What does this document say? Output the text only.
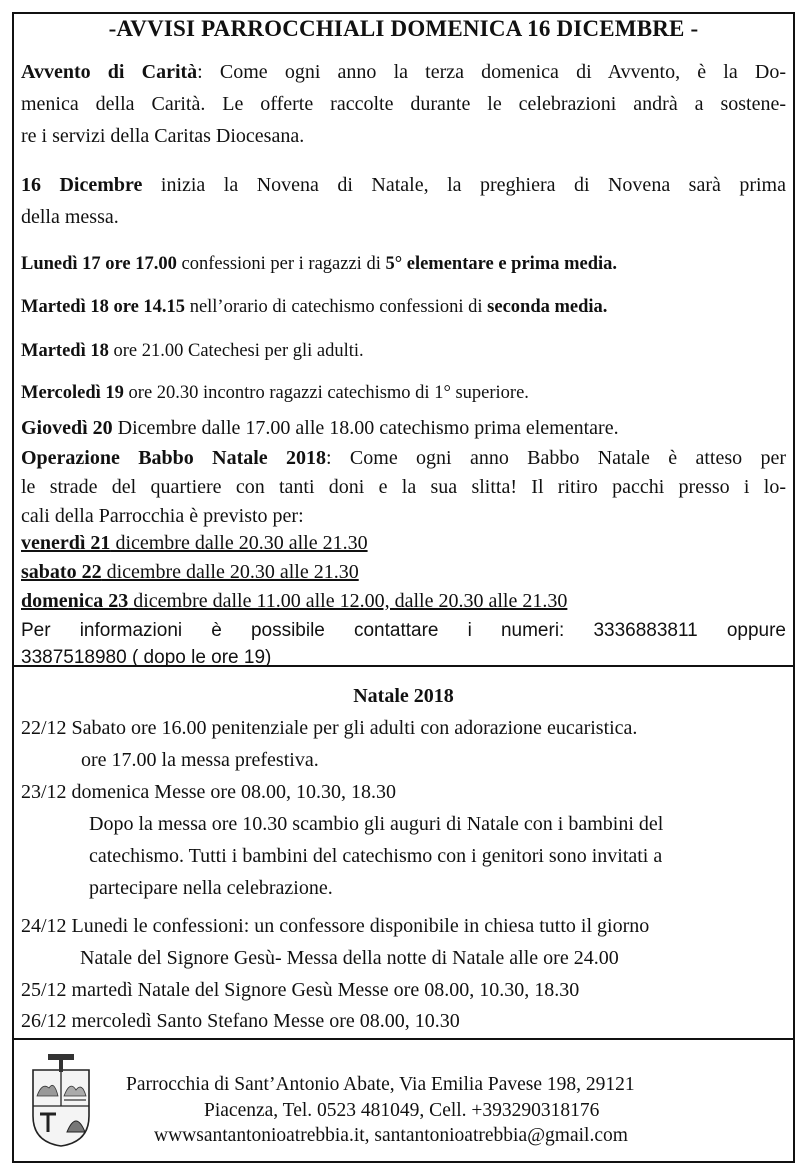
-AVVISI PARROCCHIALI DOMENICA 16 DICEMBRE -
Avvento di Carità: Come ogni anno la terza domenica di Avvento, è la Do-
menica della Carità. Le offerte raccolte durante le celebrazioni andrà a sostene-
re i servizi della Caritas Diocesana.
16 Dicembre inizia la Novena di Natale, la preghiera di Novena sarà prima
della messa.
Lunedì 17 ore 17.00 confessioni per i ragazzi di 5° elementare e prima media.
Martedì 18 ore 14.15 nell’orario di catechismo confessioni di seconda media.
Martedì 18 ore 21.00 Catechesi per gli adulti.
Mercoledì 19 ore 20.30 incontro ragazzi catechismo di 1° superiore.
Giovedì 20 Dicembre dalle 17.00 alle 18.00 catechismo prima elementare.
Operazione Babbo Natale 2018: Come ogni anno Babbo Natale è atteso per
le strade del quartiere con tanti doni e la sua slitta! Il ritiro pacchi presso i lo-
cali della Parrocchia è previsto per:
venerdì 21 dicembre dalle 20.30 alle 21.30
sabato 22 dicembre dalle 20.30 alle 21.30
domenica 23 dicembre dalle 11.00 alle 12.00, dalle 20.30 alle 21.30
Per informazioni è possibile contattare i numeri: 3336883811 oppure
3387518980 ( dopo le ore 19)
Natale 2018
22/12 Sabato ore 16.00 penitenziale per gli adulti con adorazione eucaristica.
ore 17.00 la messa prefestiva.
23/12 domenica Messe ore 08.00, 10.30, 18.30
Dopo la messa ore 10.30 scambio gli auguri di Natale con i bambini del
catechismo. Tutti i bambini del catechismo con i genitori sono invitati a
partecipare nella celebrazione.
24/12 Lunedi le confessioni: un confessore disponibile in chiesa tutto il giorno
Natale del Signore Gesù- Messa della notte di Natale alle ore 24.00
25/12 martedì Natale del Signore Gesù Messe ore 08.00, 10.30, 18.30
26/12 mercoledì Santo Stefano Messe ore 08.00, 10.30
Parrocchia di Sant’Antonio Abate, Via Emilia Pavese 198, 29121
Piacenza, Tel. 0523 481049, Cell. +393290318176
wwwsantantonioatrebbia.it, santantonioatrebbia@gmail.com
